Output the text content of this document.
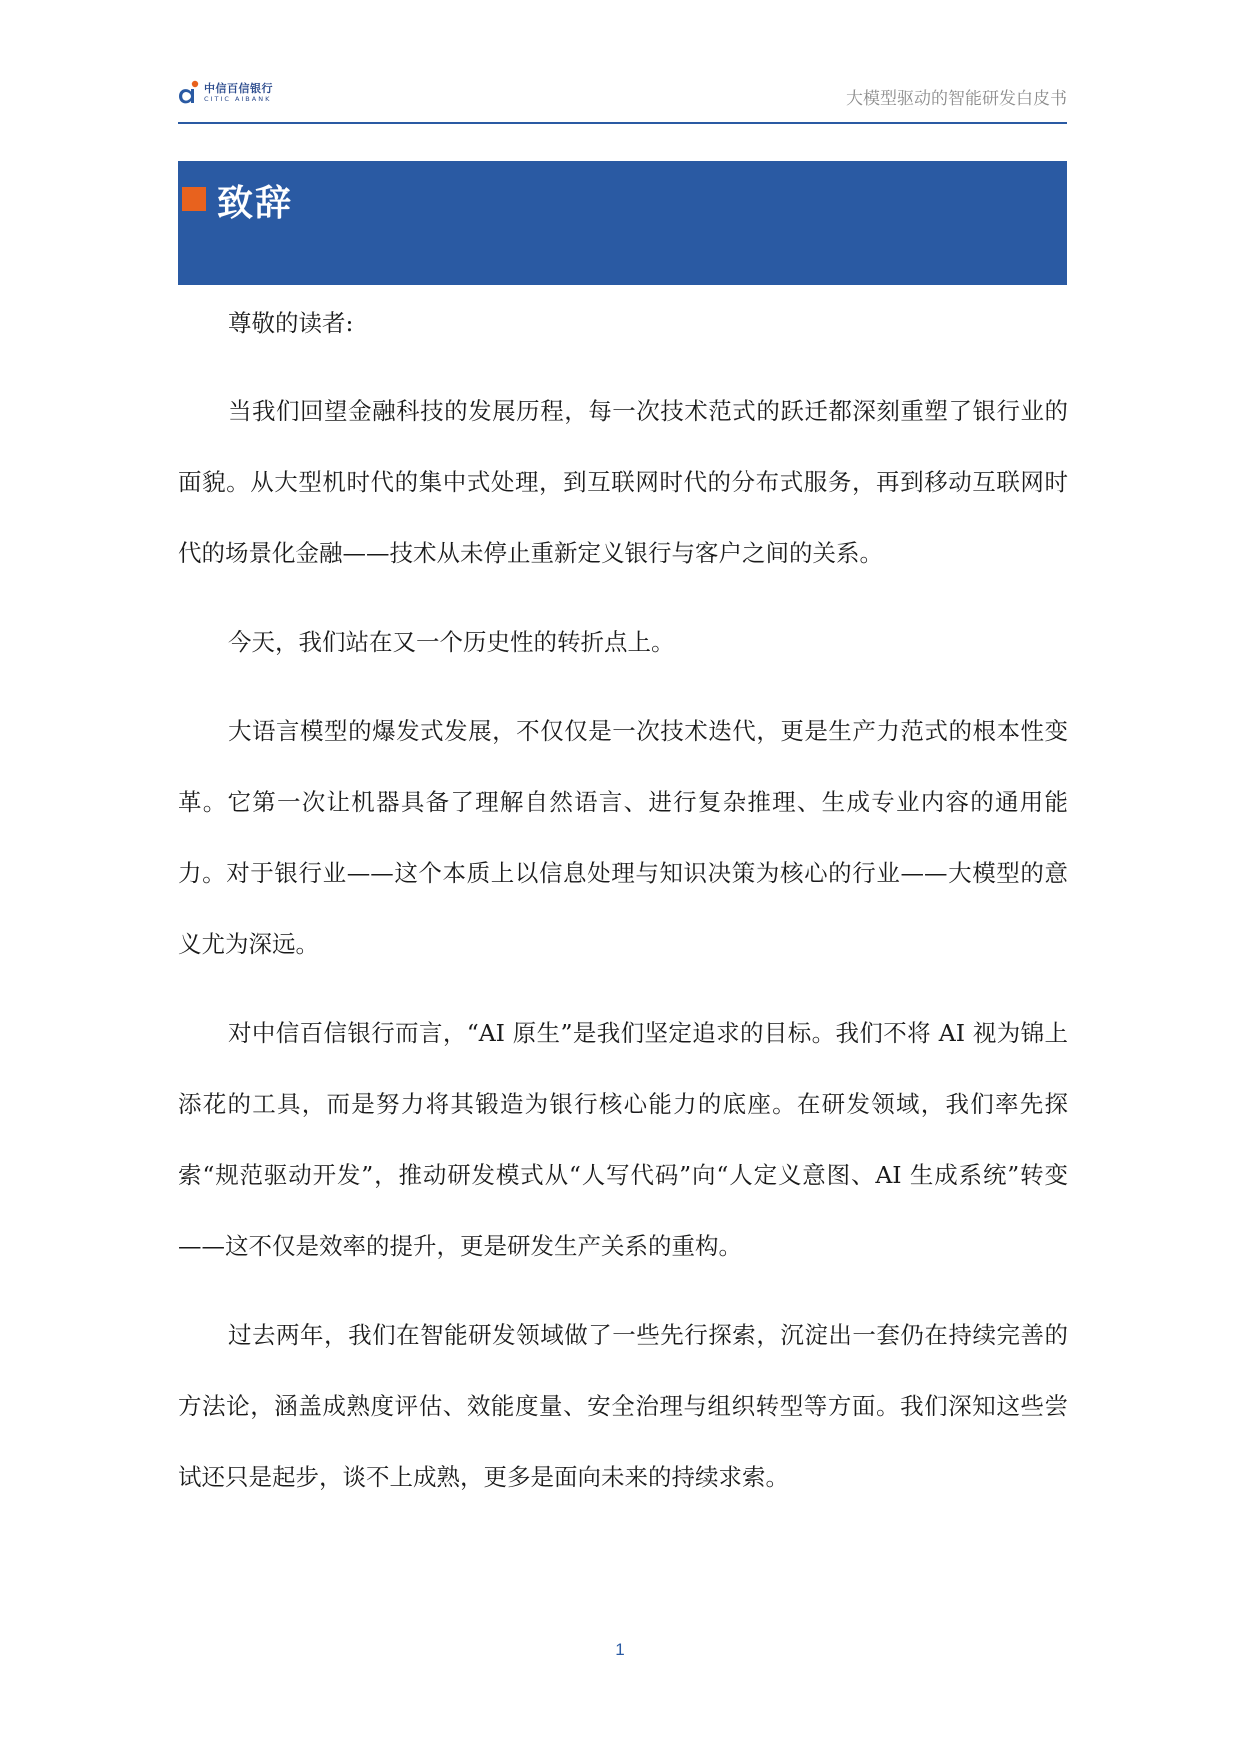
中信百信银行
CITIC AIBANK	大模型驱动的智能研发白皮书
致辞

尊敬的读者:

当我们回望金融科技的发展历程，每一次技术范式的跃迁都深刻重塑了银行业的面貌。从大型机时代的集中式处理，到互联网时代的分布式服务，再到移动互联网时代的场景化金融——技术从未停止重新定义银行与客户之间的关系。

今天，我们站在又一个历史性的转折点上。

大语言模型的爆发式发展，不仅仅是一次技术迭代，更是生产力范式的根本性变革。它第一次让机器具备了理解自然语言、进行复杂推理、生成专业内容的通用能力。对于银行业——这个本质上以信息处理与知识决策为核心的行业——大模型的意义尤为深远。

对中信百信银行而言，“AI 原生”是我们坚定追求的目标。我们不将 AI 视为锦上添花的工具，而是努力将其锻造为银行核心能力的底座。在研发领域，我们率先探索“规范驱动开发”，推动研发模式从“人写代码”向“人定义意图、AI 生成系统”转变——这不仅是效率的提升，更是研发生产关系的重构。

过去两年，我们在智能研发领域做了一些先行探索，沉淀出一套仍在持续完善的方法论，涵盖成熟度评估、效能度量、安全治理与组织转型等方面。我们深知这些尝试还只是起步，谈不上成熟，更多是面向未来的持续求索。

1
